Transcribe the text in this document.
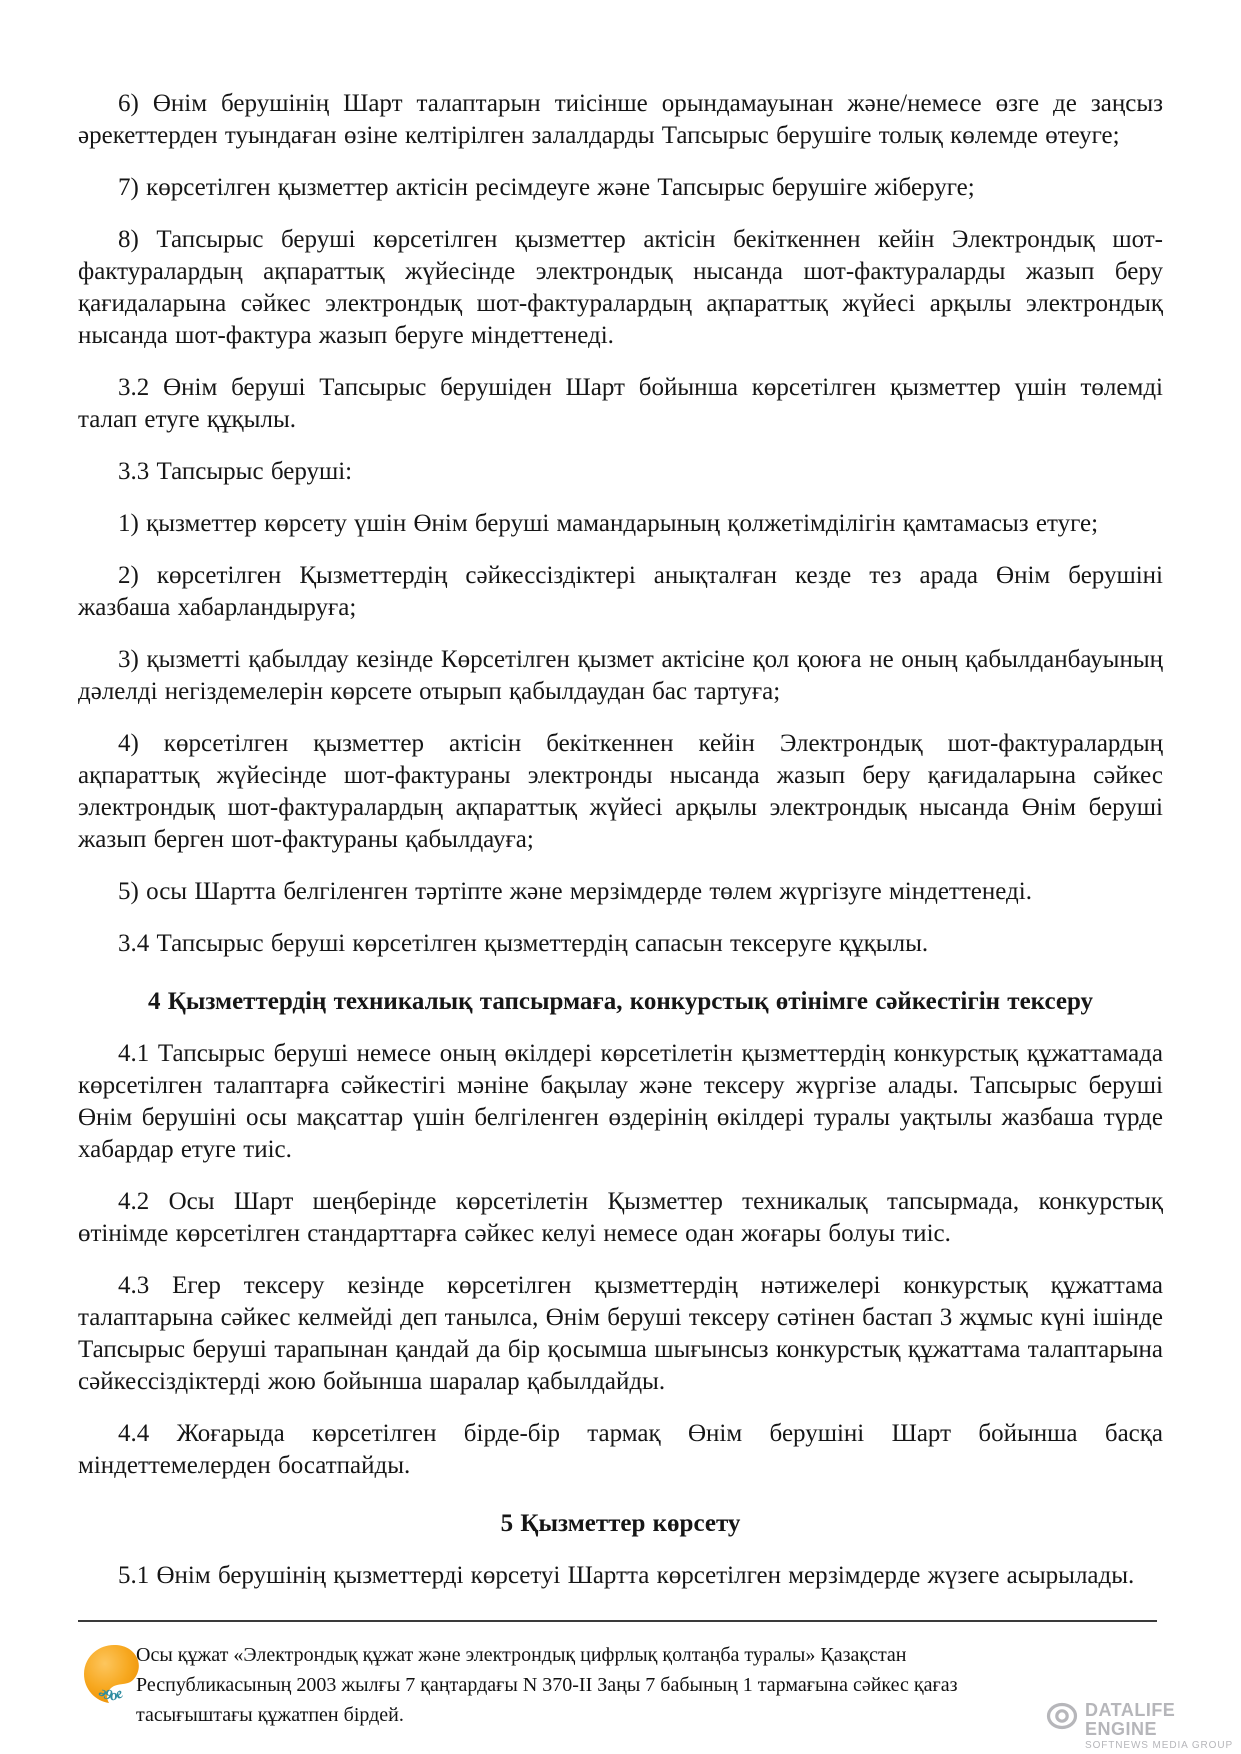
6) Өнім берушінің Шарт талаптарын тиісінше орындамауынан және/немесе өзге де заңсыз әрекеттерден туындаған өзіне келтірілген залалдарды Тапсырыс берушіге толық көлемде өтеуге;

7) көрсетілген қызметтер актісін ресімдеуге және Тапсырыс берушіге жіберуге;

8) Тапсырыс беруші көрсетілген қызметтер актісін бекіткеннен кейін Электрондық шот-фактуралардың ақпараттық жүйесінде электрондық нысанда шот-фактураларды жазып беру қағидаларына сәйкес электрондық шот-фактуралардың ақпараттық жүйесі арқылы электрондық нысанда шот-фактура жазып беруге міндеттенеді.

3.2 Өнім беруші Тапсырыс берушіден Шарт бойынша көрсетілген қызметтер үшін төлемді талап етуге құқылы.

3.3 Тапсырыс беруші:

1) қызметтер көрсету үшін Өнім беруші мамандарының қолжетімділігін қамтамасыз етуге;

2) көрсетілген Қызметтердің сәйкессіздіктері анықталған кезде тез арада Өнім берушіні жазбаша хабарландыруға;

3) қызметті қабылдау кезінде Көрсетілген қызмет актісіне қол қоюға не оның қабылданбауының дәлелді негіздемелерін көрсете отырып қабылдаудан бас тартуға;

4) көрсетілген қызметтер актісін бекіткеннен кейін Электрондық шот-фактуралардың ақпараттық жүйесінде шот-фактураны электронды нысанда жазып беру қағидаларына сәйкес электрондық шот-фактуралардың ақпараттық жүйесі арқылы электрондық нысанда Өнім беруші жазып берген шот-фактураны қабылдауға;

5) осы Шартта белгіленген тәртіпте және мерзімдерде төлем жүргізуге міндеттенеді.

3.4 Тапсырыс беруші көрсетілген қызметтердің сапасын тексеруге құқылы.

4 Қызметтердің техникалық тапсырмаға, конкурстық өтінімге сәйкестігін тексеру

4.1 Тапсырыс беруші немесе оның өкілдері көрсетілетін қызметтердің конкурстық құжаттамада көрсетілген талаптарға сәйкестігі мәніне бақылау және тексеру жүргізе алады. Тапсырыс беруші Өнім берушіні осы мақсаттар үшін белгіленген өздерінің өкілдері туралы уақтылы жазбаша түрде хабардар етуге тиіс.

4.2 Осы Шарт шеңберінде көрсетілетін Қызметтер техникалық тапсырмада, конкурстық өтінімде көрсетілген стандарттарға сәйкес келуі немесе одан жоғары болуы тиіс.

4.3 Егер тексеру кезінде көрсетілген қызметтердің нәтижелері конкурстық құжаттама талаптарына сәйкес келмейді деп танылса, Өнім беруші тексеру сәтінен бастап 3 жұмыс күні ішінде Тапсырыс беруші тарапынан қандай да бір қосымша шығынсыз конкурстық құжаттама талаптарына сәйкессіздіктерді жою бойынша шаралар қабылдайды.

4.4 Жоғарыда көрсетілген бірде-бір тармақ Өнім берушіні Шарт бойынша басқа міндеттемелерден босатпайды.

5 Қызметтер көрсету

5.1 Өнім берушінің қызметтерді көрсетуі Шартта көрсетілген мерзімдерде жүзеге асырылады.

ә9ое
Осы құжат «Электрондық құжат және электрондық цифрлық қолтаңба туралы» Қазақстан
Республикасының 2003 жылғы 7 қаңтардағы N 370-II Заңы 7 бабының 1 тармағына сәйкес қағаз
тасығыштағы құжатпен бірдей.	DATALIFE ENGINE
SOFTNEWS MEDIA GROUP
